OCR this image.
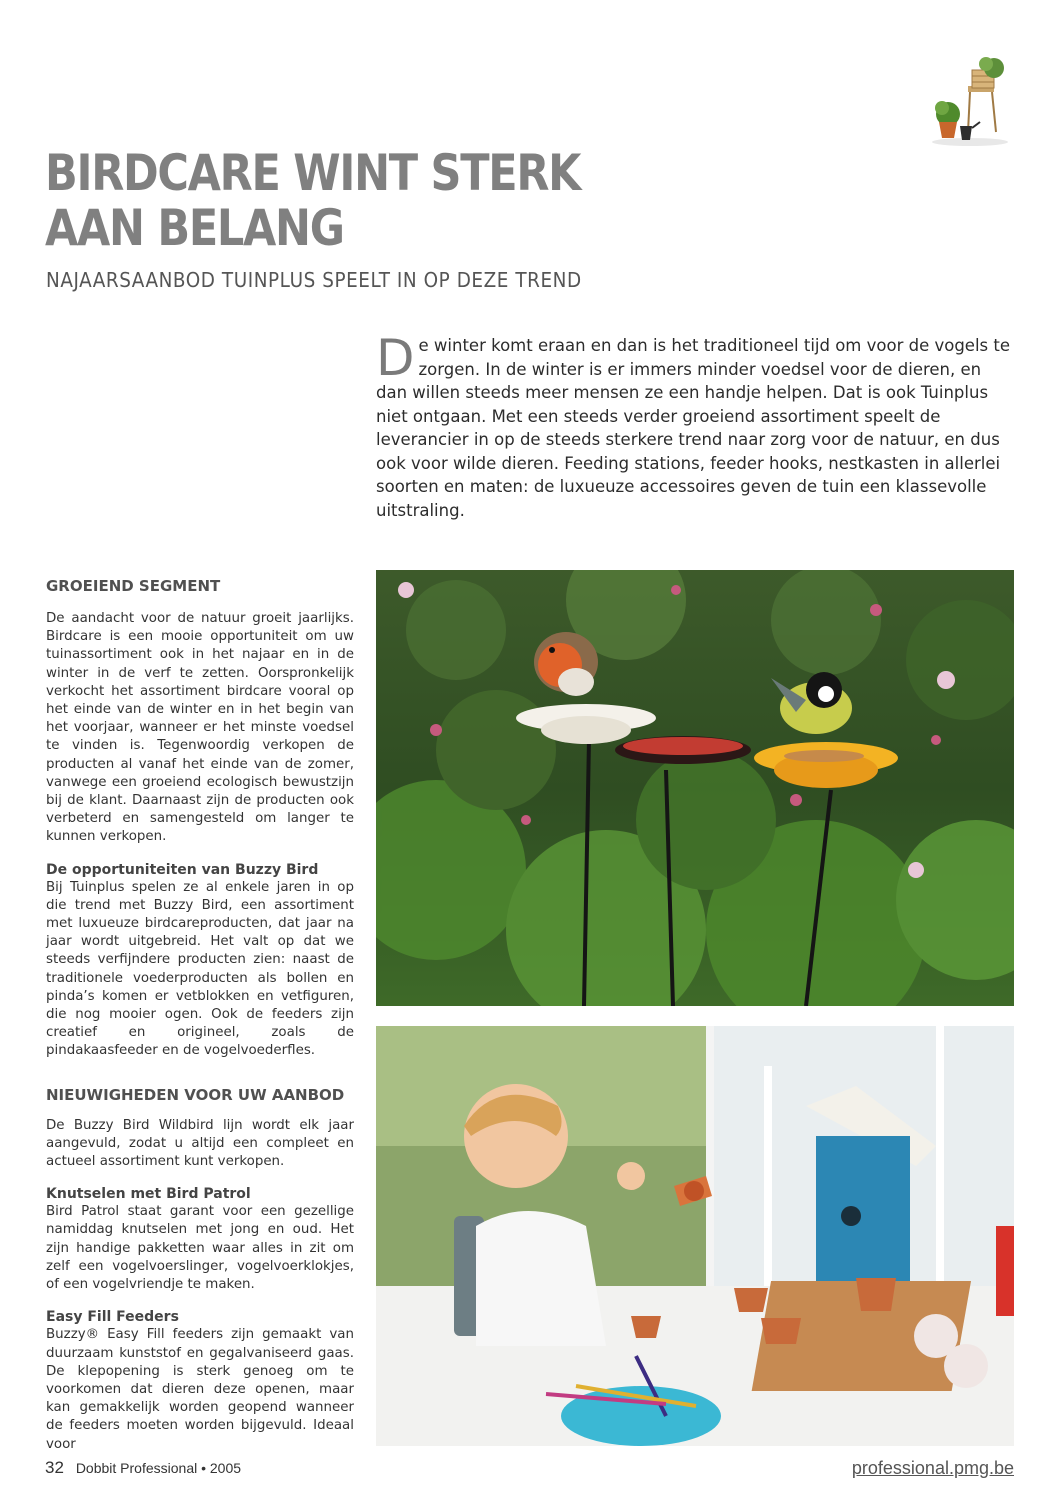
BIRDCARE WINT STERK
AAN BELANG
NAJAARSAANBOD TUINPLUS SPEELT IN OP DEZE TREND

De winter komt eraan en dan is het traditioneel tijd om voor de vogels te zorgen. In de winter is er immers minder voedsel voor de dieren, en dan willen steeds meer mensen ze een handje helpen. Dat is ook Tuinplus niet ontgaan. Met een steeds verder groeiend assortiment speelt de leverancier in op de steeds sterkere trend naar zorg voor de natuur, en dus ook voor wilde dieren. Feeding stations, feeder hooks, nestkasten in allerlei soorten en maten: de luxueuze accessoires geven de tuin een klassevolle uitstraling.

GROEIEND SEGMENT

De aandacht voor de natuur groeit jaarlijks. Birdcare is een mooie opportuniteit om uw tuinassortiment ook in het najaar en in de winter in de verf te zetten. Oorspronkelijk verkocht het assortiment birdcare vooral op het einde van de winter en in het begin van het voorjaar, wanneer er het minste voedsel te vinden is. Tegenwoordig verkopen de producten al vanaf het einde van de zomer, vanwege een groeiend ecologisch bewustzijn bij de klant. Daarnaast zijn de producten ook verbeterd en samengesteld om langer te kunnen verkopen.

De opportuniteiten van Buzzy Bird

Bij Tuinplus spelen ze al enkele jaren in op die trend met Buzzy Bird, een assortiment met luxueuze birdcareproducten, dat jaar na jaar wordt uitgebreid. Het valt op dat we steeds verfijndere producten zien: naast de traditionele voederproducten als bollen en pinda’s komen er vetblokken en vetfiguren, die nog mooier ogen. Ook de feeders zijn creatief en origineel, zoals de pindakaasfeeder en de vogelvoederfles.

NIEUWIGHEDEN VOOR UW AANBOD

De Buzzy Bird Wildbird lijn wordt elk jaar aangevuld, zodat u altijd een compleet en actueel assortiment kunt verkopen.

Knutselen met Bird Patrol

Bird Patrol staat garant voor een gezellige namiddag knutselen met jong en oud. Het zijn handige pakketten waar alles in zit om zelf een vogelvoerslinger, vogelvoerklokjes, of een vogelvriendje te maken.

Easy Fill Feeders

Buzzy® Easy Fill feeders zijn gemaakt van duurzaam kunststof en gegalvaniseerd gaas. De klepopening is sterk genoeg om te voorkomen dat dieren deze openen, maar kan gemakkelijk worden geopend wanneer de feeders moeten worden bijgevuld. Ideaal voor

32 Dobbit Professional • 2005	professional.pmg.be
